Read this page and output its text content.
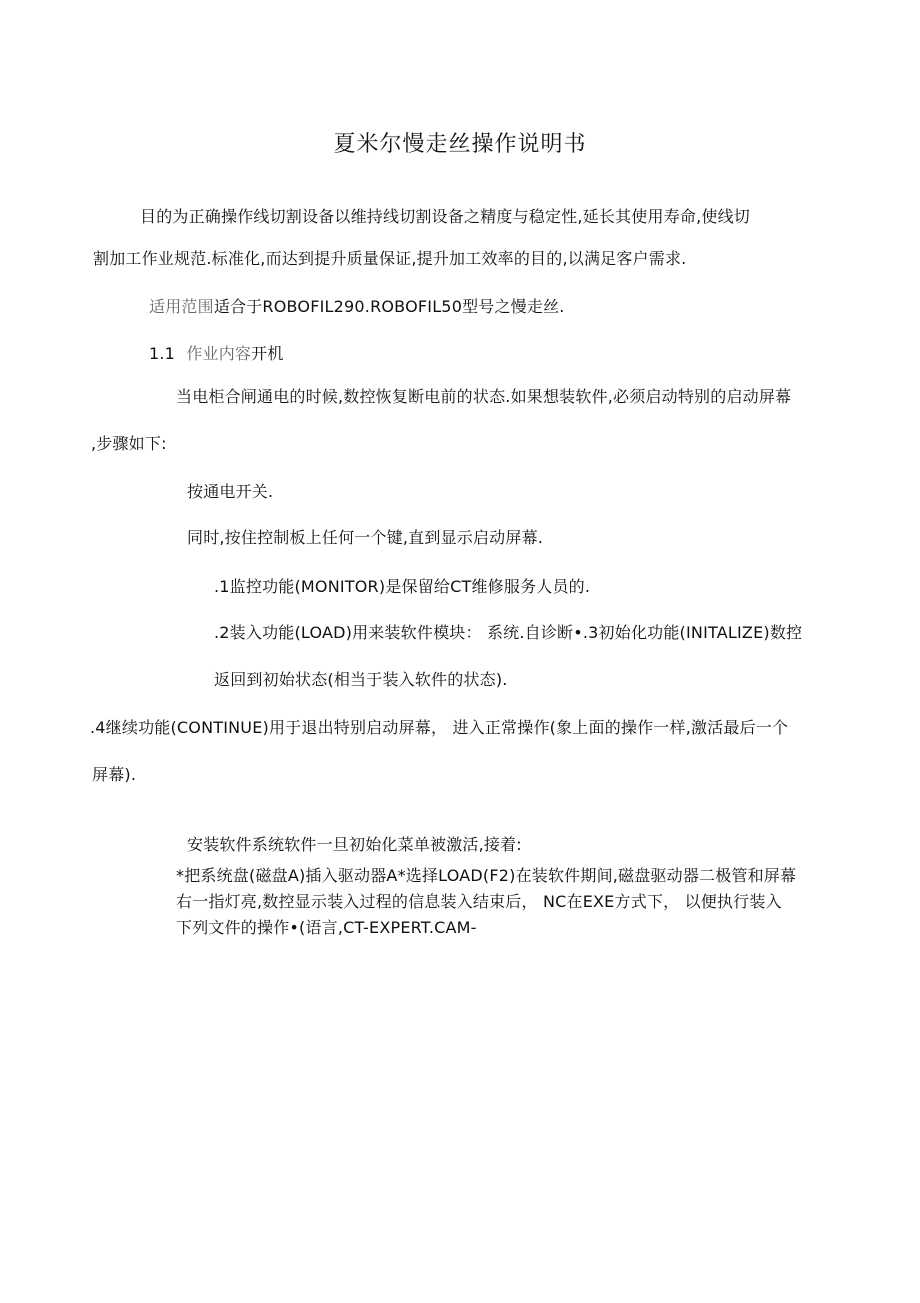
夏米尔慢走丝操作说明书
目的为正确操作线切割设备以维持线切割设备之精度与稳定性,延长其使用寿命,使线切
割加工作业规范.标准化,而达到提升质量保证,提升加工效率的目的,以满足客户需求.
适用范围适合于ROBOFIL290.ROBOFIL50型号之慢走丝.
1.1 作业内容开机
当电柜合闸通电的时候,数控恢复断电前的状态.如果想装软件,必须启动特别的启动屏幕
,步骤如下:
按通电开关.
同时,按住控制板上任何一个键,直到显示启动屏幕.
.1监控功能(MONITOR)是保留给CT维修服务人员的.
.2装入功能(LOAD)用来装软件模块： 系统.自诊断•.3初始化功能(INITALIZE)数控
返回到初始状态(相当于装入软件的状态).
.4继续功能(CONTINUE)用于退出特别启动屏幕， 进入正常操作(象上面的操作一样,激活最后一个
屏幕).
安装软件系统软件一旦初始化菜单被激活,接着:
*把系统盘(磁盘A)插入驱动器A*选择LOAD(F2)在装软件期间,磁盘驱动器二极管和屏幕
右一指灯亮,数控显示装入过程的信息装入结束后， NC在EXE方式下， 以便执行装入
下列文件的操作•(语言,CT-EXPERT.CAM-
